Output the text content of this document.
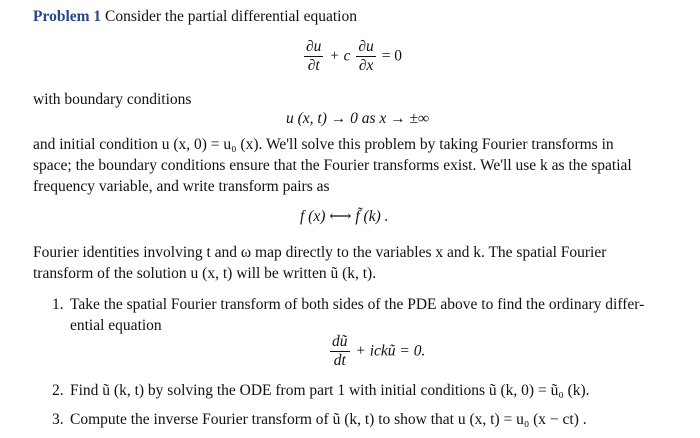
Problem 1 Consider the partial differential equation
$\frac{\partial u}{\partial t} + c \frac{\partial u}{\partial x} = 0$
with boundary conditions
u (x, t) → 0 as x → ±∞
and initial condition u (x, 0) = u₀ (x). We'll solve this problem by taking Fourier transforms in
space; the boundary conditions ensure that the Fourier transforms exist. We'll use k as the spatial
frequency variable, and write transform pairs as
f (x) ⟷ f̃ (k) .
Fourier identities involving t and ω map directly to the variables x and k. The spatial Fourier
transform of the solution u (x, t) will be written ũ (k, t).
1. Take the spatial Fourier transform of both sides of the PDE above to find the ordinary differ-
ential equation
$\frac{dũ}{dt}$ + ickũ = 0.
2. Find ũ (k, t) by solving the ODE from part 1 with initial conditions ũ (k, 0) = ũ₀ (k).
3. Compute the inverse Fourier transform of ũ (k, t) to show that u (x, t) = u₀ (x − ct) .
